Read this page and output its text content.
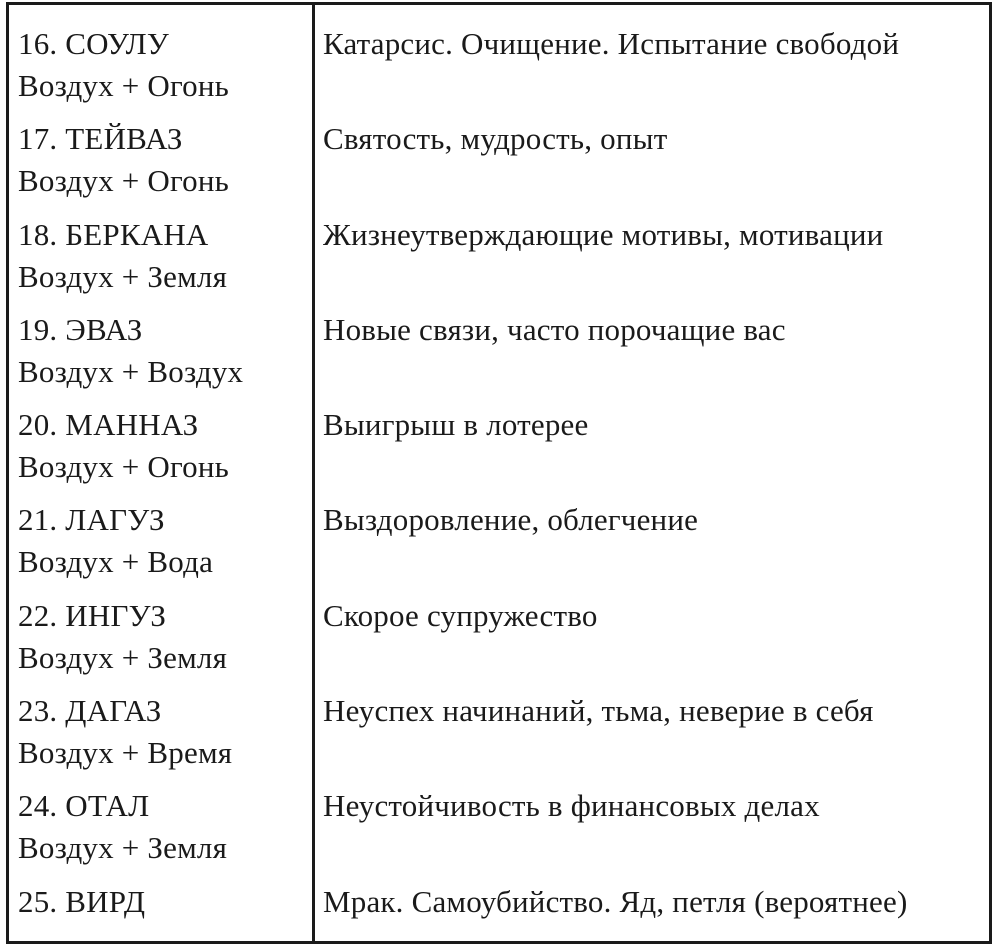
16. СОУЛУ
Воздух + Огонь
Катарсис. Очищение. Испытание свободой
17. ТЕЙВАЗ
Воздух + Огонь
Святость, мудрость, опыт
18. БЕРКАНА
Воздух + Земля
Жизнеутверждающие мотивы, мотивации
19. ЭВАЗ
Воздух + Воздух
Новые связи, часто порочащие вас
20. МАННАЗ
Воздух + Огонь
Выигрыш в лотерее
21. ЛАГУЗ
Воздух + Вода
Выздоровление, облегчение
22. ИНГУЗ
Воздух + Земля
Скорое супружество
23. ДАГАЗ
Воздух + Время
Неуспех начинаний, тьма, неверие в себя
24. ОТАЛ
Воздух + Земля
Неустойчивость в финансовых делах
25. ВИРД	Мрак. Самоубийство. Яд, петля (вероятнее)
